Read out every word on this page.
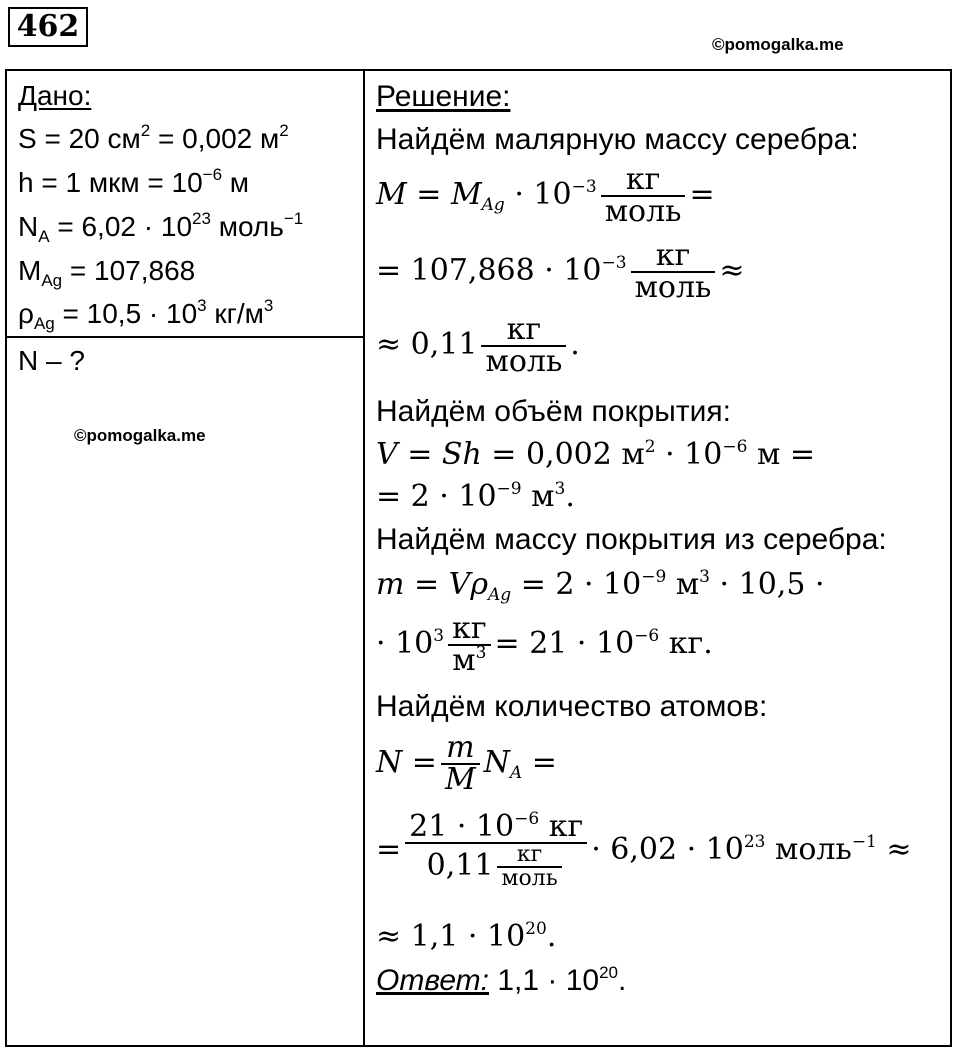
462
©pomogalka.me
Дано:
S = 20 $см^2 = 0,002$ $м^2$
h = 1 мкм = $10^{-6}$ м
$N_A = 6,02 \cdot 10^{23}$ моль$^{-1}$
$M_{Ag} = 107,868$
$\rho_{Ag} = 10,5 \cdot 10^3$ $кг/м^3$
N – ?
©pomogalka.me
Решение:
Найдём малярную массу серебра:
$M = M_{Ag} \cdot 10^{-3} \frac{кг}{\text{моль}}$ =
= $107,868 \cdot 10^{-3} \frac{кг}{\text{моль}}$ ≈
≈ $0,11 \frac{кг}{\text{моль}}$ .
Найдём объём покрытия:
V = Sh = 0,002 $м^2 \cdot 10^{-6}$ м =
= $2 \cdot 10^{-9}$ $м^3$.
Найдём массу покрытия из серебра:
$m = V\rho_{Ag} = 2 \cdot 10^{-9}$ $м^3 \cdot 10,5$ ·
· $10^3 \frac{кг}{м^3} = 21 \cdot 10^{-6}$ кг.
Найдём количество атомов:
$N = \frac{m}{M} N_A$ =
= $\frac{21 \cdot 10^{-6} кг}{0,11 \frac{кг}{\text{моль}}} \cdot 6,02 \cdot 10^{23}$ моль$^{-1}$ ≈
≈ $1,1 \cdot 10^{20}$.
Ответ: $1,1 \cdot 10^{20}$.
